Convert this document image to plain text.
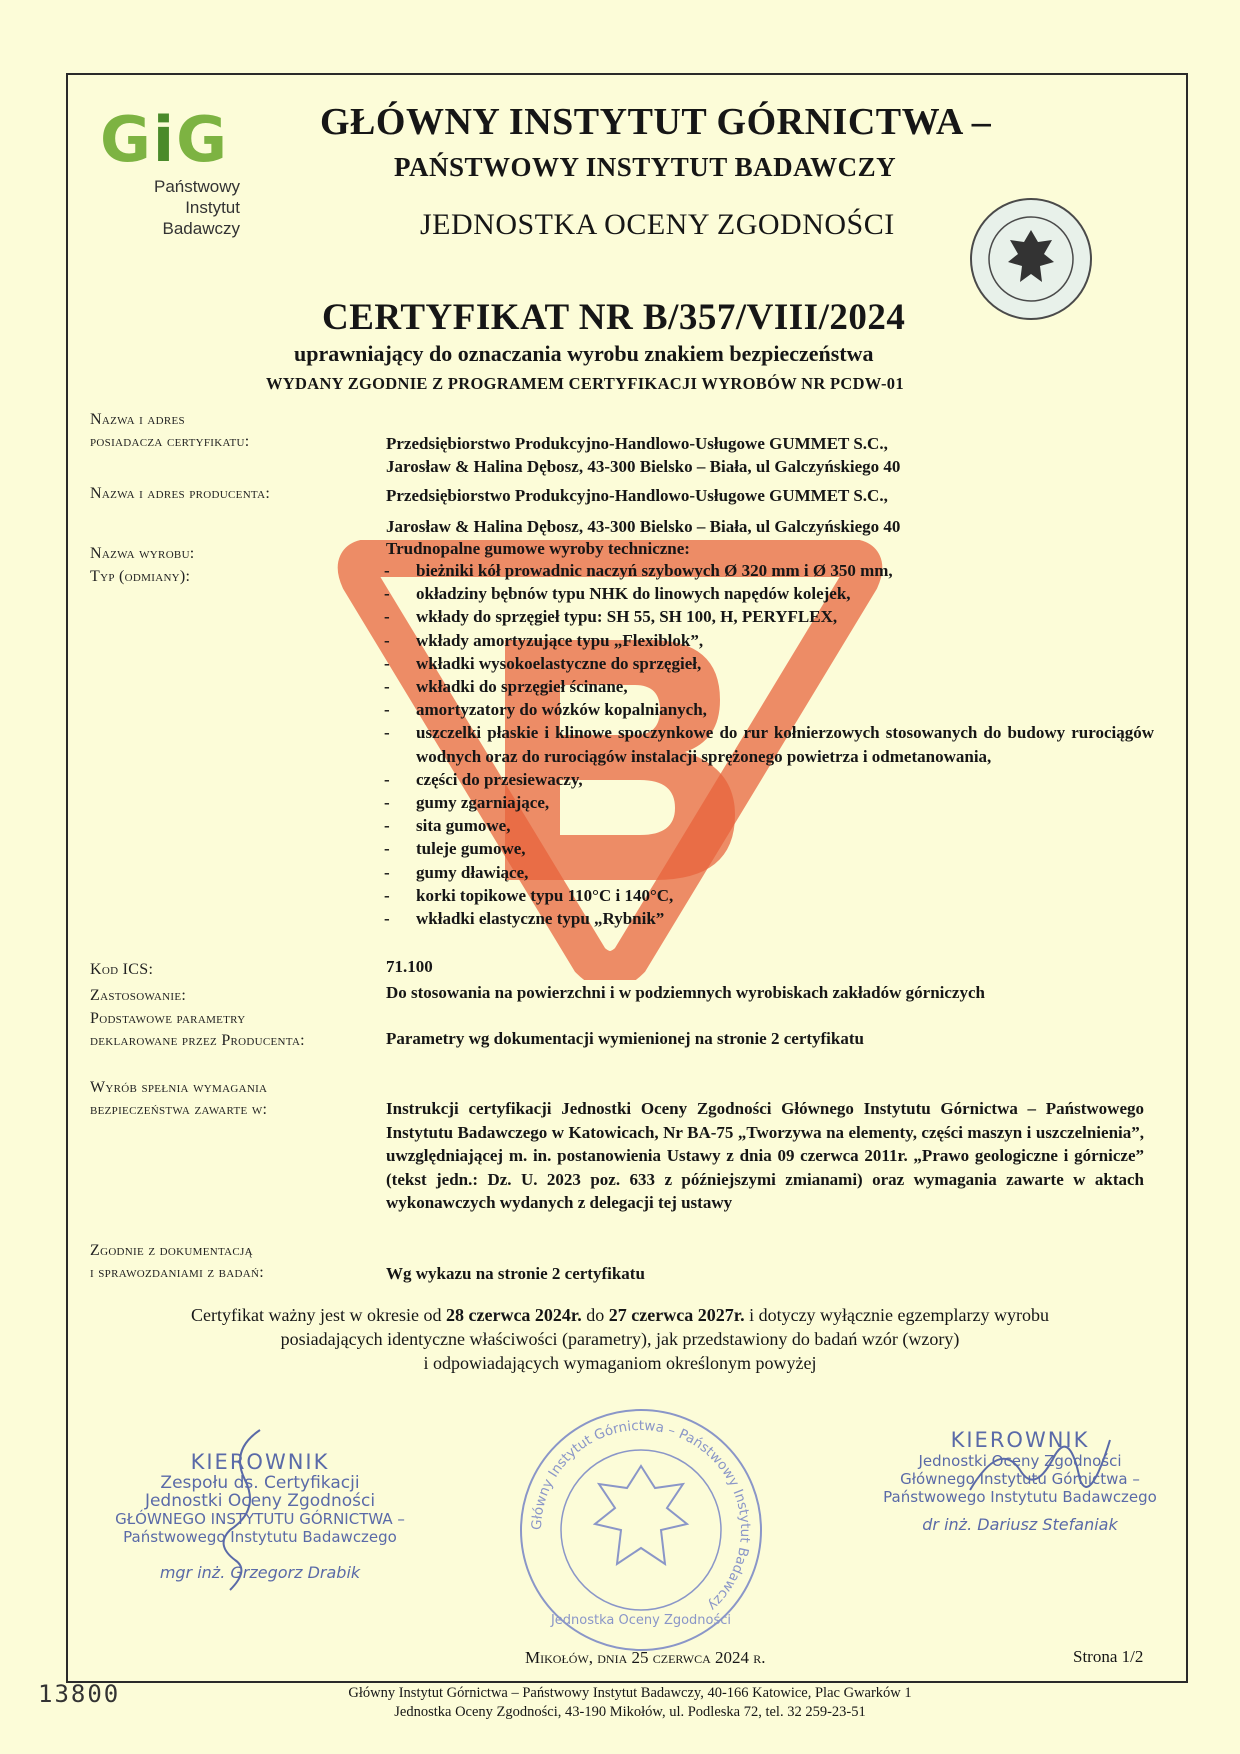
GiG
Państwowy
Instytut
Badawczy
GŁÓWNY INSTYTUT GÓRNICTWA –
PAŃSTWOWY INSTYTUT BADAWCZY
JEDNOSTKA OCENY ZGODNOŚCI
CERTYFIKAT NR B/357/VIII/2024
uprawniający do oznaczania wyrobu znakiem bezpieczeństwa
WYDANY ZGODNIE Z PROGRAMEM CERTYFIKACJI WYROBÓW NR PCDW-01
Nazwa i adres
posiadacza certyfikatu:	Przedsiębiorstwo Produkcyjno-Handlowo-Usługowe GUMMET S.C.,
Jarosław & Halina Dębosz, 43-300 Bielsko – Biała, ul Galczyńskiego 40
Nazwa i adres producenta:	Przedsiębiorstwo Produkcyjno-Handlowo-Usługowe GUMMET S.C.,
Jarosław & Halina Dębosz, 43-300 Bielsko – Biała, ul Galczyńskiego 40
Nazwa wyrobu:	Trudnopalne gumowe wyroby techniczne:
Typ (odmiany):
-	bieżniki kół prowadnic naczyń szybowych Ø 320 mm i Ø 350 mm,
- okładziny bębnów typu NHK do linowych napędów kolejek,
- wkłady do sprzęgieł typu: SH 55, SH 100, H, PERYFLEX,
- wkłady amortyzujące typu „Flexiblok”,
- wkładki wysokoelastyczne do sprzęgieł,
- wkładki do sprzęgieł ścinane,
- amortyzatory do wózków kopalnianych,
- uszczelki płaskie i klinowe spoczynkowe do rur kołnierzowych stosowanych do budowy rurociągów wodnych oraz do rurociągów instalacji sprężonego powietrza i odmetanowania,
- części do przesiewaczy,
- gumy zgarniające,
- sita gumowe,
- tuleje gumowe,
- gumy dławiące,
- korki topikowe typu 110°C i 140°C,
- wkładki elastyczne typu „Rybnik”
Kod ICS:	71.100
Zastosowanie:	Do stosowania na powierzchni i w podziemnych wyrobiskach zakładów górniczych
Podstawowe parametry
deklarowane przez Producenta:	Parametry wg dokumentacji wymienionej na stronie 2 certyfikatu
Wyrób spełnia wymagania
bezpieczeństwa zawarte w:	Instrukcji certyfikacji Jednostki Oceny Zgodności Głównego Instytutu Górnictwa – Państwowego Instytutu Badawczego w Katowicach, Nr BA-75 „Tworzywa na elementy, części maszyn i uszczelnienia”, uwzględniającej m. in. postanowienia Ustawy z dnia 09 czerwca 2011r. „Prawo geologiczne i górnicze” (tekst jedn.: Dz. U. 2023 poz. 633 z późniejszymi zmianami) oraz wymagania zawarte w aktach wykonawczych wydanych z delegacji tej ustawy
Zgodnie z dokumentacją
i sprawozdaniami z badań:	Wg wykazu na stronie 2 certyfikatu
Certyfikat ważny jest w okresie od 28 czerwca 2024r. do 27 czerwca 2027r. i dotyczy wyłącznie egzemplarzy wyrobu
posiadających identyczne właściwości (parametry), jak przedstawiony do badań wzór (wzory)
i odpowiadających wymaganiom określonym powyżej
KIEROWNIK
Zespołu ds. Certyfikacji
Jednostki Oceny Zgodności
GŁÓWNEGO INSTYTUTU GÓRNICTWA –
Państwowego Instytutu Badawczego
mgr inż. Grzegorz Drabik
Główny Instytut Górnictwa – Państwowy Instytut Badawczy
Jednostka Oceny Zgodności
KIEROWNIK
Jednostki Oceny Zgodności
Głównego Instytutu Górnictwa –
Państwowego Instytutu Badawczego
dr inż. Dariusz Stefaniak
Mikołów, dnia 25 czerwca 2024 r.	Strona 1/2
13800	Główny Instytut Górnictwa – Państwowy Instytut Badawczy, 40-166 Katowice, Plac Gwarków 1
Jednostka Oceny Zgodności, 43-190 Mikołów, ul. Podleska 72, tel. 32 259-23-51
